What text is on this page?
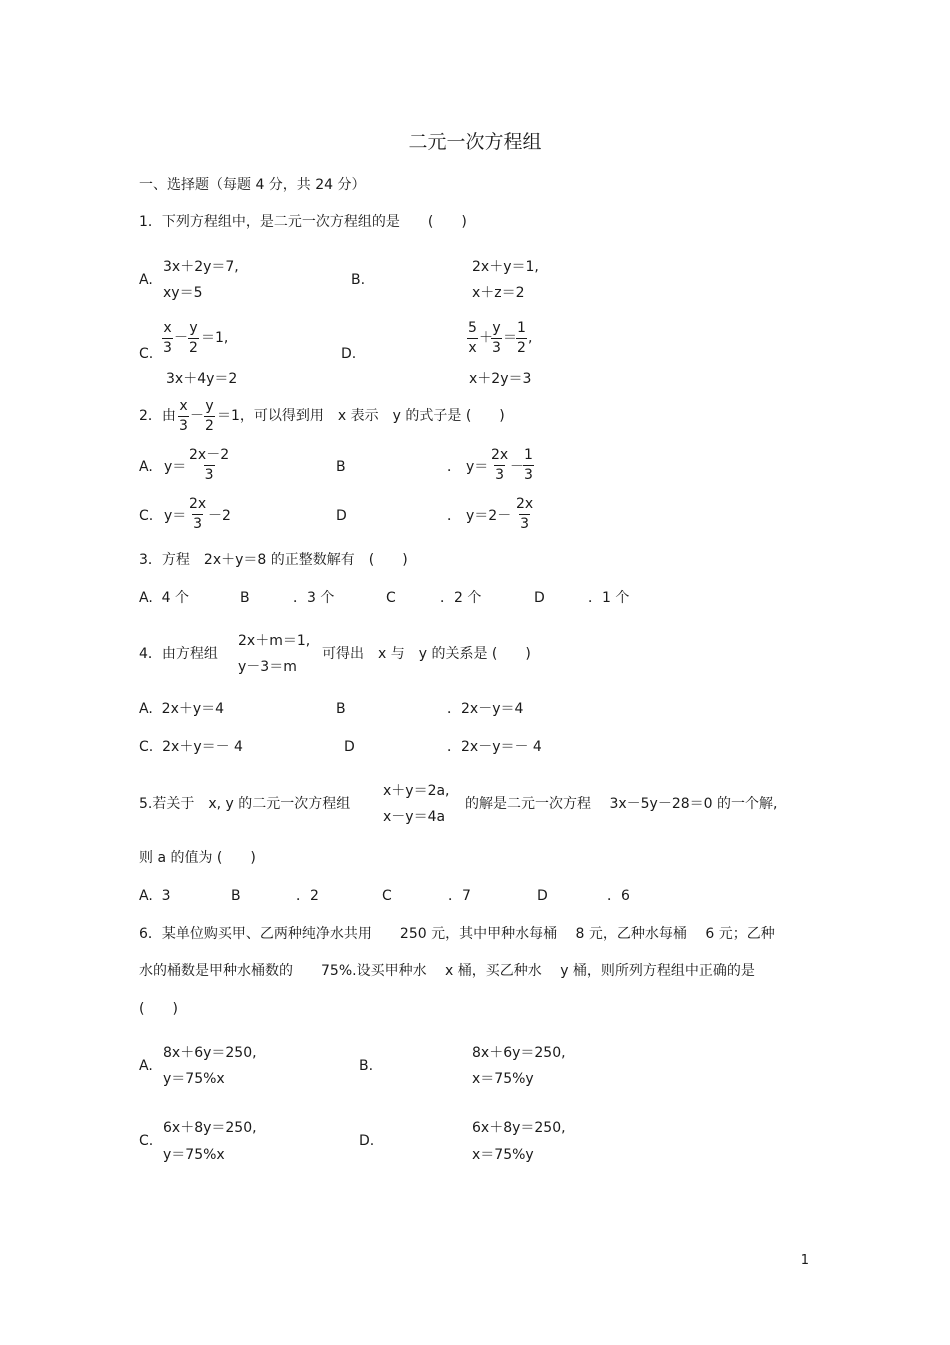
二元一次方程组
一、选择题（每题 4 分，共 24 分）
1．下列方程组中，是二元一次方程组的是　　(　　)
A.
3x＋2y＝7,
xy＝5
B.
2x＋y＝1,
x＋z＝2
C. $\frac{x}{3} - \frac{y}{2} =1$,
3x＋4y＝2
D.	$\frac{5}{x}$ ＋
$\frac{y}{3} = \frac{1}{2}$ ,
x＋2y＝3
2．由 $\frac{x}{3} - \frac{y}{2} =1$，可以得到用　x 表示　y 的式子是 (　　)
A. $y= \frac{2x-2}{3}$	B	． $y= \frac{2x}{3} - \frac{1}{3}$
C. $y= \frac{2x}{3} -2$	D	． $y=2- \frac{2x}{3}$
3．方程　2x＋y＝8 的正整数解有　(　　)
A.  4 个	B	．3 个	C	．2 个	D	．1 个
4．由方程组
2x＋m＝1,
y－3＝m
可得出　x 与　y 的关系是 (　　)
A.  2x＋y＝4	B	．2x－y＝4
C.  2x＋y＝－ 4	D	．2x－y＝－ 4
5.若关于　x, y 的二元一次方程组
x＋y＝2a,
x－y＝4a
的解是二元一次方程　 3x－5y－28＝0 的一个解,
则 a 的值为 (　　)
A.  3	B	．2	C	．7	D	．6
6．某单位购买甲、乙两种纯净水共用　　250 元，其中甲种水每桶　 8 元，乙种水每桶　 6 元；乙种
水的桶数是甲种水桶数的　　75%.设买甲种水　 x 桶，买乙种水　 y 桶，则所列方程组中正确的是
(　　)
A.
8x＋6y＝250,
y＝75%x
B.
8x＋6y＝250,
x＝75%y
C.
6x＋8y＝250,
y＝75%x
D.
6x＋8y＝250,
x＝75%y
1
